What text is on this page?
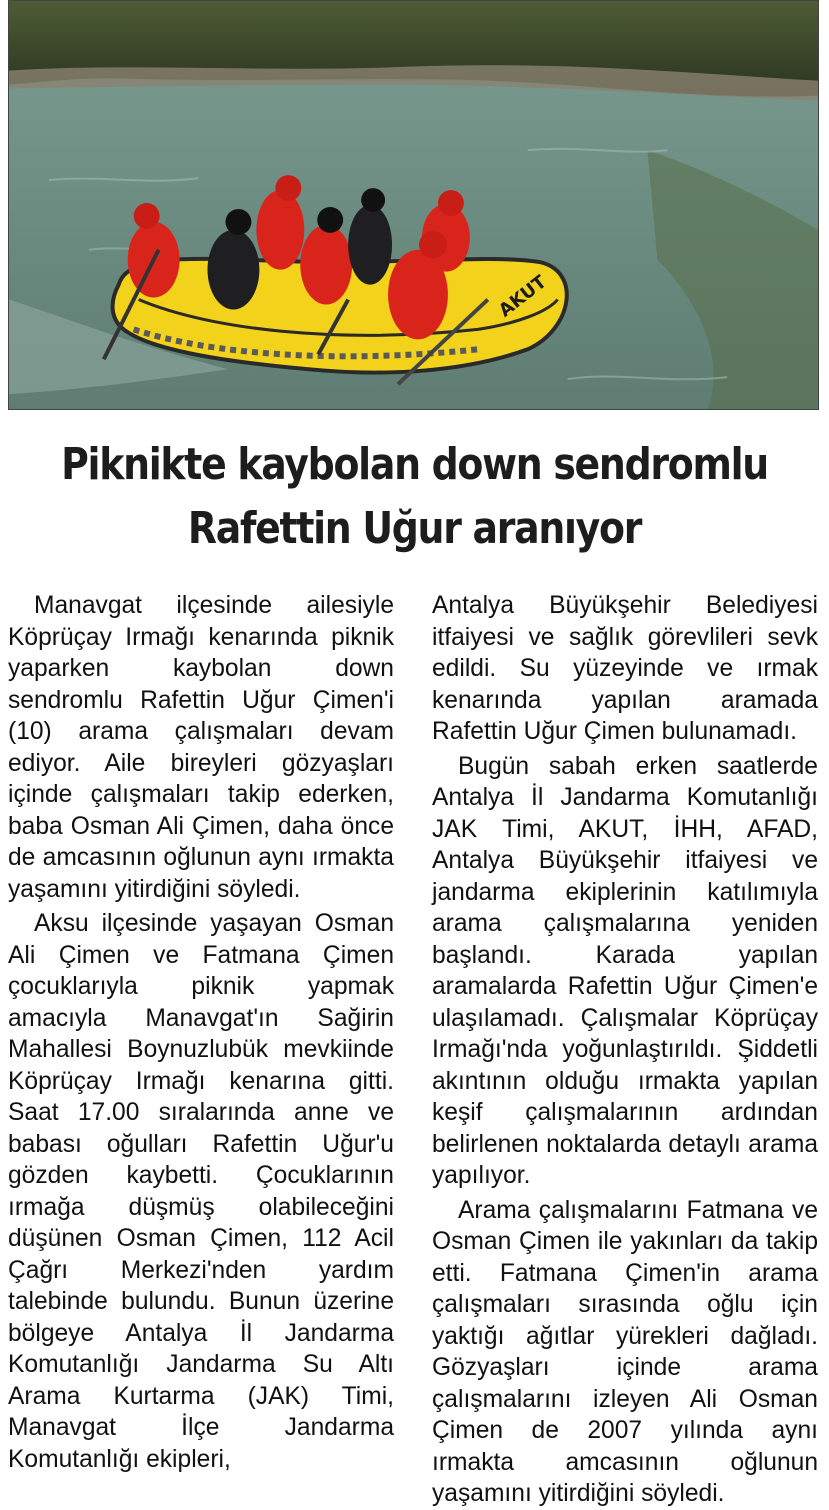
AKUT
Piknikte kaybolan down sendromlu
Rafettin Uğur aranıyor

Manavgat ilçesinde ailesiyle Köprüçay Irmağı kenarında piknik yaparken kaybolan down sendromlu Rafettin Uğur Çimen'i (10) arama çalışmaları devam ediyor. Aile bireyleri gözyaşları içinde çalışmaları takip ederken, baba Osman Ali Çimen, daha önce de amcasının oğlunun aynı ırmakta yaşamını yitirdiğini söyledi.

Aksu ilçesinde yaşayan Osman Ali Çimen ve Fatmana Çimen çocuklarıyla piknik yapmak amacıyla Manavgat'ın Sağirin Mahallesi Boynuzlubük mevkiinde Köprüçay Irmağı kenarına gitti. Saat 17.00 sıralarında anne ve babası oğulları Rafettin Uğur'u gözden kaybetti. Çocuklarının ırmağa düşmüş olabileceğini düşünen Osman Çimen, 112 Acil Çağrı Merkezi'nden yardım talebinde bulundu. Bunun üzerine bölgeye Antalya İl Jandarma Komutanlığı Jandarma Su Altı Arama Kurtarma (JAK) Timi, Manavgat İlçe Jandarma Komutanlığı ekipleri,

Antalya Büyükşehir Belediyesi itfaiyesi ve sağlık görevlileri sevk edildi. Su yüzeyinde ve ırmak kenarında yapılan aramada Rafettin Uğur Çimen bulunamadı.

Bugün sabah erken saatlerde Antalya İl Jandarma Komutanlığı JAK Timi, AKUT, İHH, AFAD, Antalya Büyükşehir itfaiyesi ve jandarma ekiplerinin katılımıyla arama çalışmalarına yeniden başlandı. Karada yapılan aramalarda Rafettin Uğur Çimen'e ulaşılamadı. Çalışmalar Köprüçay Irmağı'nda yoğunlaştırıldı. Şiddetli akıntının olduğu ırmakta yapılan keşif çalışmalarının ardından belirlenen noktalarda detaylı arama yapılıyor.

Arama çalışmalarını Fatmana ve Osman Çimen ile yakınları da takip etti. Fatmana Çimen'in arama çalışmaları sırasında oğlu için yaktığı ağıtlar yürekleri dağladı. Gözyaşları içinde arama çalışmalarını izleyen Ali Osman Çimen de 2007 yılında aynı ırmakta amcasının oğlunun yaşamını yitirdiğini söyledi.
